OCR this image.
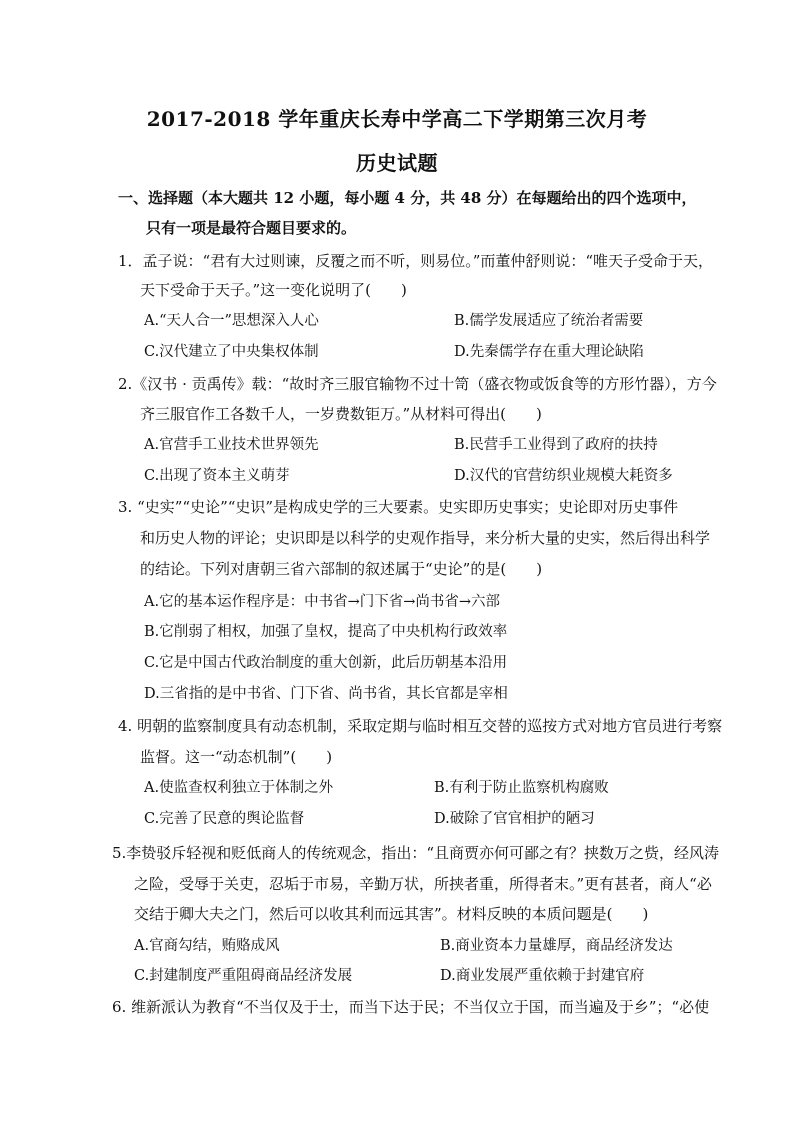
2017-2018 学年重庆长寿中学高二下学期第三次月考
历史试题
一、选择题（本大题共 12 小题，每小题 4 分，共 48 分）在每题给出的四个选项中，
只有一项是最符合题目要求的。
1．孟子说：“君有大过则谏，反覆之而不听，则易位。”而董仲舒则说：“唯天子受命于天，
天下受命于天子。”这一变化说明了(　　)
A.“天人合一”思想深入人心	B.儒学发展适应了统治者需要
C.汉代建立了中央集权体制	D.先秦儒学存在重大理论缺陷
2.《汉书 · 贡禹传》载：“故时齐三服官输物不过十笥（盛衣物或饭食等的方形竹器），方今
齐三服官作工各数千人，一岁费数钜万。”从材料可得出(　　)
A.官营手工业技术世界领先	B.民营手工业得到了政府的扶持
C.出现了资本主义萌芽	D.汉代的官营纺织业规模大耗资多
3. “史实”“史论”“史识”是构成史学的三大要素。史实即历史事实；史论即对历史事件
和历史人物的评论；史识即是以科学的史观作指导，来分析大量的史实，然后得出科学
的结论。下列对唐朝三省六部制的叙述属于“史论”的是(　　)
A.它的基本运作程序是：中书省→门下省→尚书省→六部
B.它削弱了相权，加强了皇权，提高了中央机构行政效率
C.它是中国古代政治制度的重大创新，此后历朝基本沿用
D.三省指的是中书省、门下省、尚书省，其长官都是宰相
4. 明朝的监察制度具有动态机制，采取定期与临时相互交替的巡按方式对地方官员进行考察
监督。这一“动态机制”(　　)
A.使监查权利独立于体制之外	B.有利于防止监察机构腐败
C.完善了民意的舆论监督	D.破除了官官相护的陋习
5.李贽驳斥轻视和贬低商人的传统观念，指出：“且商贾亦何可鄙之有？挟数万之赀，经风涛
之险，受辱于关吏，忍垢于市易，辛勤万状，所挟者重，所得者末。”更有甚者，商人“必
交结于卿大夫之门，然后可以收其利而远其害”。材料反映的本质问题是(　　)
A.官商勾结，贿赂成风	B.商业资本力量雄厚，商品经济发达
C.封建制度严重阻碍商品经济发展	D.商业发展严重依赖于封建官府
6. 维新派认为教育“不当仅及于士，而当下达于民；不当仅立于国，而当遍及于乡”；“必使
